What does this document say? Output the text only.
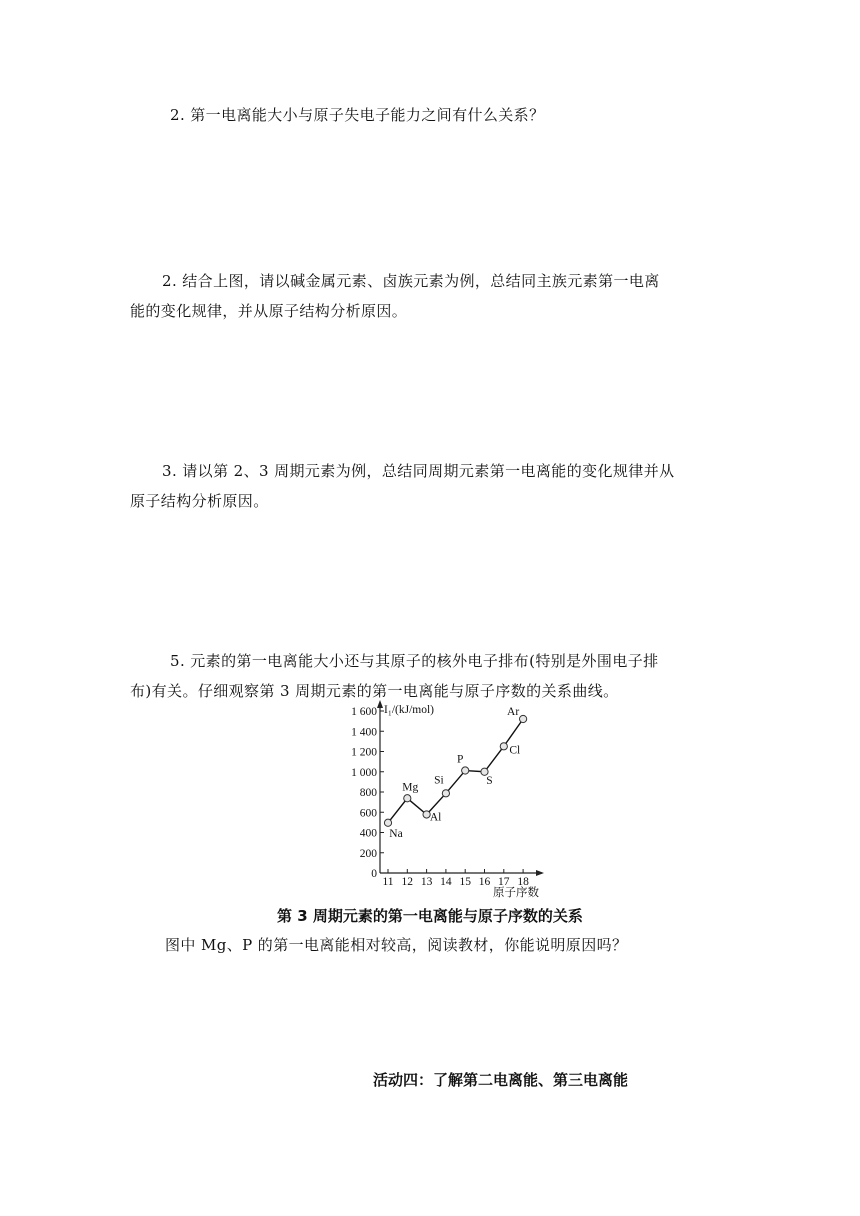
2. 第一电离能大小与原子失电子能力之间有什么关系？

2. 结合上图，请以碱金属元素、卤族元素为例，总结同主族元素第一电离
能的变化规律，并从原子结构分析原因。

3. 请以第 2、3 周期元素为例，总结同周期元素第一电离能的变化规律并从
原子结构分析原因。

5. 元素的第一电离能大小还与其原子的核外电子排布(特别是外围电子排
布)有关。仔细观察第 3 周期元素的第一电离能与原子序数的关系曲线。

0
200
400
600
800
1 000
1 200
1 400
1 600 I₁/(kJ/mol)
11 12 13 14 15 16 17 18
原子序数
Na
Mg
Al
Si
P
S
Cl
Ar
第 3 周期元素的第一电离能与原子序数的关系

图中 Mg、P 的第一电离能相对较高，阅读教材，你能说明原因吗？

活动四：了解第二电离能、第三电离能
